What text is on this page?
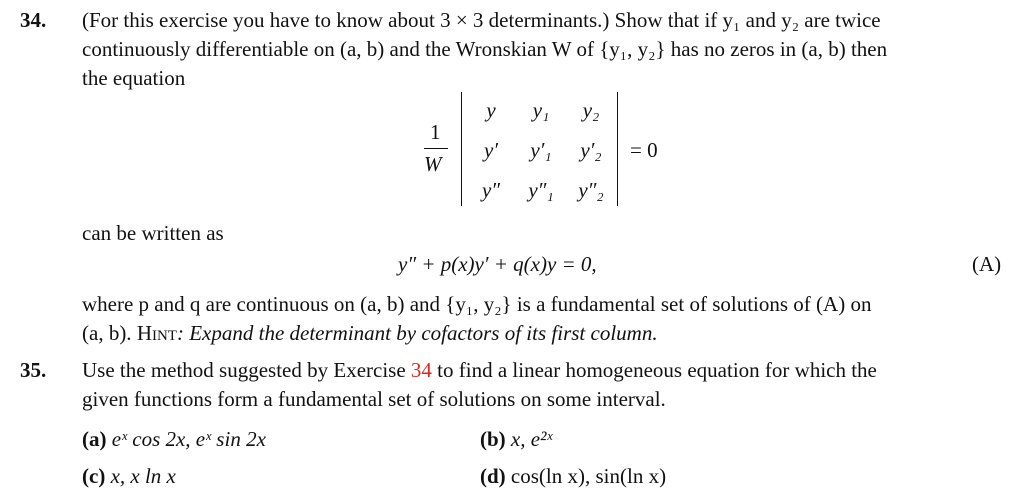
34. (For this exercise you have to know about 3 × 3 determinants.) Show that if y₁ and y₂ are twice
continuously differentiable on (a, b) and the Wronskian W of {y₁, y₂} has no zeros in (a, b) then
the equation
1
W
y	y₁	y₂
y′	y′₁	y′₂
y″	y″₁	y″₂
= 0
can be written as
y″ + p(x)y′ + q(x)y = 0,	(A)
where p and q are continuous on (a, b) and {y₁, y₂} is a fundamental set of solutions of (A) on
(a, b). Hint: Expand the determinant by cofactors of its first column.
35. Use the method suggested by Exercise 34 to find a linear homogeneous equation for which the
given functions form a fundamental set of solutions on some interval.
(a) eˣ cos 2x, eˣ sin 2x	(b) x, e²ˣ
(c) x, x ln x	(d) cos(ln x), sin(ln x)
